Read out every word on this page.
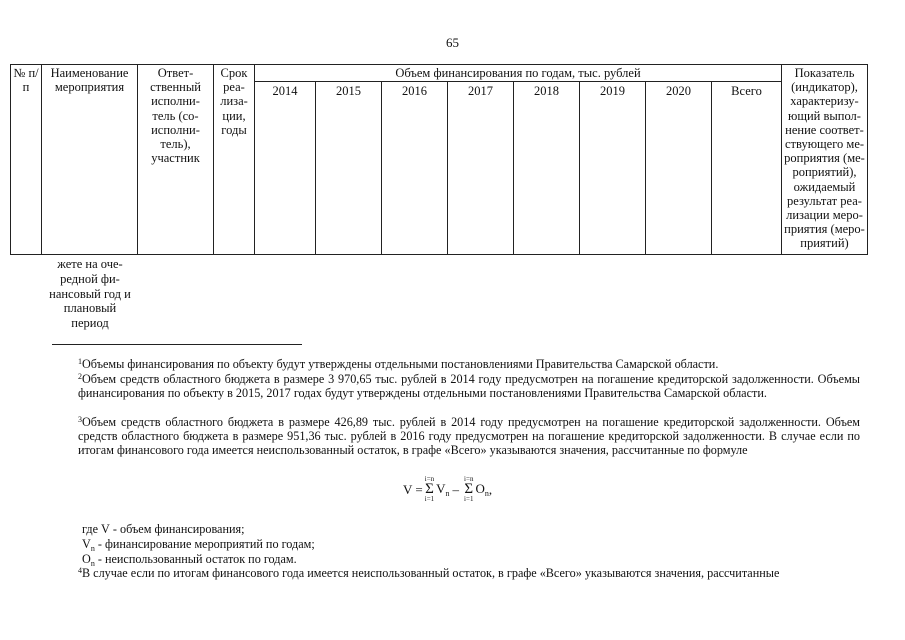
65
№ п/п	Наименование мероприятия	Ответ-ственный исполни-тель (со-исполни-тель), участник	Срок реа-лиза-ции, годы	Объем финансирования по годам, тыс. рублей								Показатель (индикатор), характеризу-ющий выпол-нение соответ-ствующего ме-роприятия (ме-роприятий), ожидаемый результат реа-лизации меро-приятия (меро-приятий)
				2014	2015	2016	2017	2018	2019	2020	Всего	
жете на оче-редной фи-нансовый год и плановый период
$^1$Объемы финансирования по объекту будут утверждены отдельными постановлениями Правительства Самарской области.
$^2$Объем средств областного бюджета в размере 3 970,65 тыс. рублей в 2014 году предусмотрен на погашение кредиторской задолженности. Объемы финансирования по объекту в 2015, 2017 годах будут утверждены отдельными постановлениями Правительства Самарской области.
$^3$Объем средств областного бюджета в размере 426,89 тыс. рублей в 2014 году предусмотрен на погашение кредиторской задолженности. Объем средств областного бюджета в размере 951,36 тыс. рублей в 2016 году предусмотрен на погашение кредиторской задолженности. В случае если по итогам финансового года имеется неиспользованный остаток, в графе «Всего» указываются значения, рассчитанные по формуле
V =
i=n
Σ
i=1
$V_n$ –
i=n
Σ
i=1
$O_n$ ,
где V - объем финансирования;
$V_n$ - финансирование мероприятий по годам;
$O_n$ - неиспользованный остаток по годам.
$^4$В случае если по итогам финансового года имеется неиспользованный остаток, в графе «Всего» указываются значения, рассчитанные
